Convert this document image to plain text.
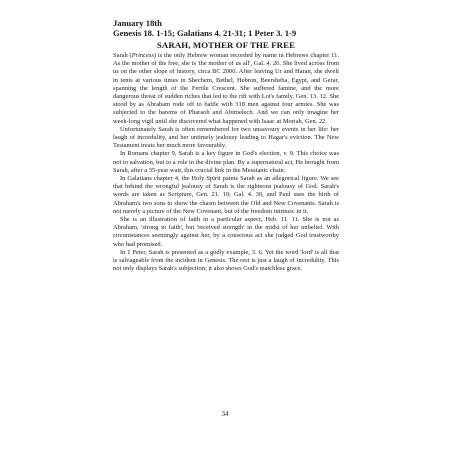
January 18th

Genesis 18. 1-15; Galatians 4. 21-31; 1 Peter 3. 1-9

SARAH, MOTHER OF THE FREE

Sarah (Princess) is the only Hebrew woman recorded by name in Hebrews chapter 11. As the mother of the free, she is 'the mother of us all', Gal. 4. 26. She lived across from us on the other slope of history, circa BC 2000. After leaving Ur and Haran, she dwelt in tents at various times in Shechem, Bethel, Hebron, Beersheba, Egypt, and Gerar, spanning the length of the Fertile Crescent. She suffered famine, and the more dangerous threat of sudden riches that led to the rift with Lot's family, Gen. 13. 12. She stood by as Abraham rode off to battle with 318 men against four armies. She was subjected to the harems of Pharaoh and Abimelech. And we can only imagine her week-long vigil until she discovered what happened with Isaac at Moriah, Gen. 22.

Unfortunately Sarah is often remembered for two unsavoury events in her life: her laugh of incredulity, and her untimely jealousy leading to Hagar's eviction. The New Testament treats her much more favourably.

In Romans chapter 9, Sarah is a key figure in God's election, v. 9. This choice was not to salvation, but to a role in the divine plan. By a supernatural act, He brought from Sarah, after a 35-year wait, this crucial link in the Messianic chain.

In Galatians chapter 4, the Holy Spirit paints Sarah as an allegorical figure. We see that behind the wrongful jealousy of Sarah is the righteous jealousy of God. Sarah's words are taken as Scripture, Gen. 21. 10; Gal. 4. 30, and Paul uses the birth of Abraham's two sons to show the chasm between the Old and New Covenants. Sarah is not merely a picture of the New Covenant, but of the freedom intrinsic in it.

She is an illustration of faith in a particular aspect, Heb. 11. 11. She is not as Abraham, 'strong in faith', but 'received strength' in the midst of her unbelief. With circumstances seemingly against her, by a conscious act she judged God trustworthy who had promised.

In 1 Peter, Sarah is presented as a godly example, 3. 6. Yet the word 'lord' is all that is salvageable from the incident in Genesis. The rest is just a laugh of incredulity. This not only displays Sarah's subjection; it also shows God's matchless grace.

34
